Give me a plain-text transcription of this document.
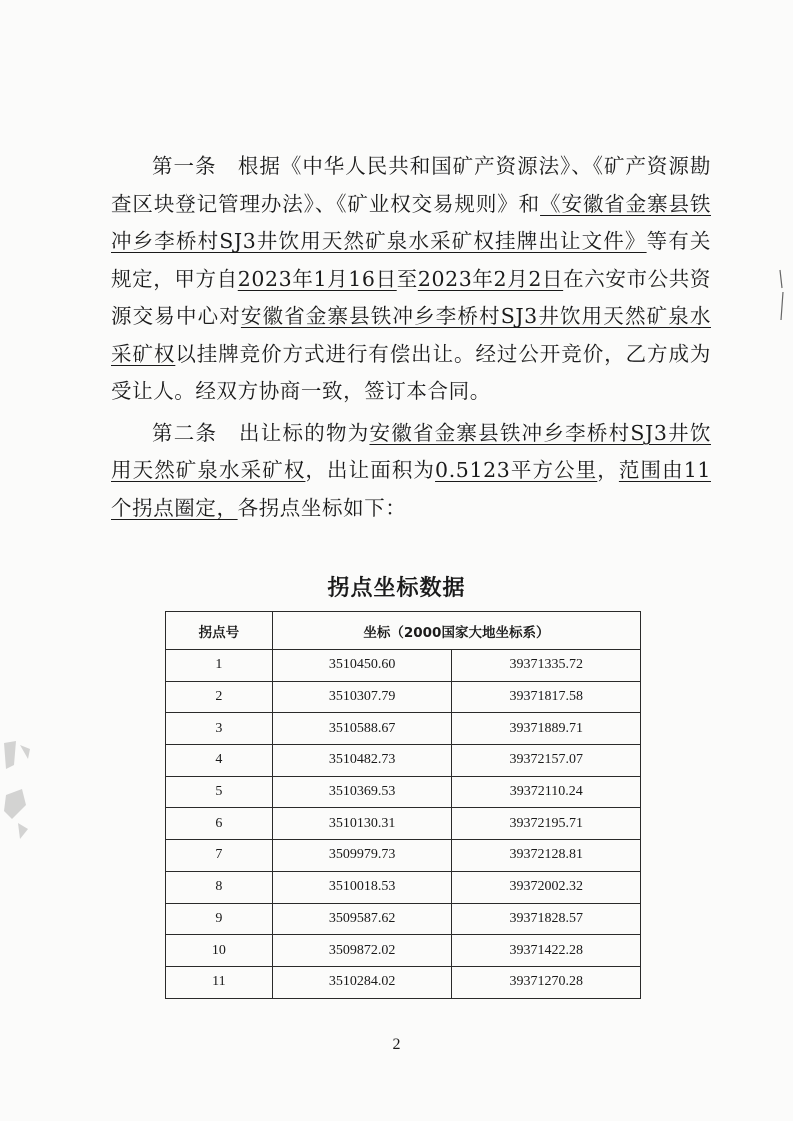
第一条　根据《中华人民共和国矿产资源法》、《矿产资源勘查区块登记管理办法》、《矿业权交易规则》和《安徽省金寨县铁冲乡李桥村SJ3井饮用天然矿泉水采矿权挂牌出让文件》等有关规定，甲方自2023年1月16日至2023年2月2日在六安市公共资源交易中心对安徽省金寨县铁冲乡李桥村SJ3井饮用天然矿泉水采矿权以挂牌竞价方式进行有偿出让。经过公开竞价，乙方成为受让人。经双方协商一致，签订本合同。

第二条　出让标的物为安徽省金寨县铁冲乡李桥村SJ3井饮用天然矿泉水采矿权，出让面积为0.5123平方公里，范围由11个拐点圈定，各拐点坐标如下：

拐点坐标数据
拐点号	坐标（2000国家大地坐标系）	
1	3510450.60	39371335.72
2	3510307.79	39371817.58
3	3510588.67	39371889.71
4	3510482.73	39372157.07
5	3510369.53	39372110.24
6	3510130.31	39372195.71
7	3509979.73	39372128.81
8	3510018.53	39372002.32
9	3509587.62	39371828.57
10	3509872.02	39371422.28
11	3510284.02	39371270.28
2
